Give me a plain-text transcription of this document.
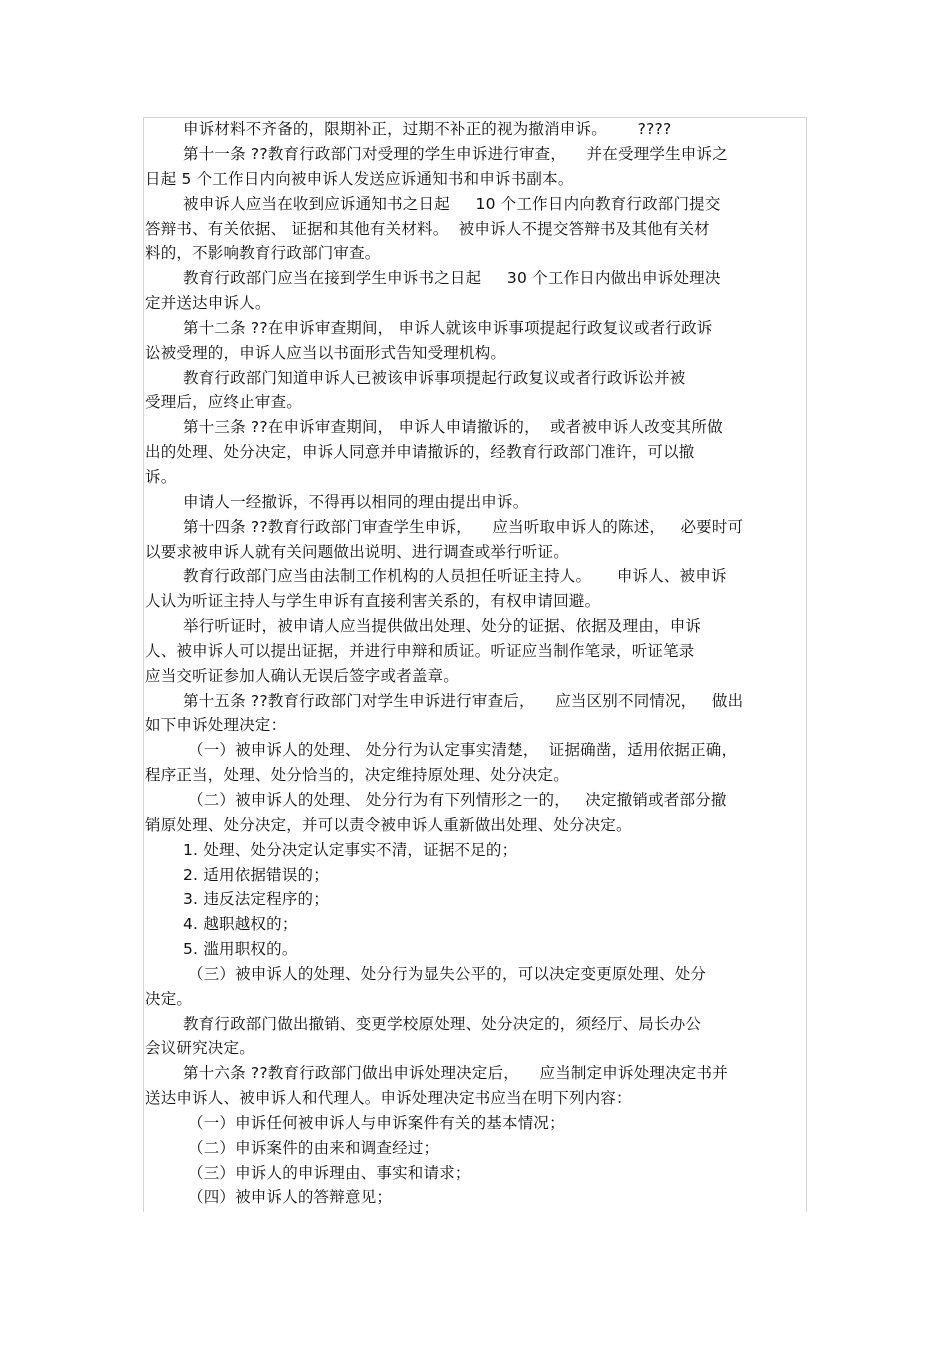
申诉材料不齐备的，限期补正，过期不补正的视为撤消申诉。      ????
第十一条 ??教育行政部门对受理的学生申诉进行审查，    并在受理学生申诉之
日起 5 个工作日内向被申诉人发送应诉通知书和申诉书副本。
被申诉人应当在收到应诉通知书之日起     10 个工作日内向教育行政部门提交
答辩书、有关依据、 证据和其他有关材料。  被申诉人不提交答辩书及其他有关材
料的，不影响教育行政部门审查。
教育行政部门应当在接到学生申诉书之日起     30 个工作日内做出申诉处理决
定并送达申诉人。
第十二条 ??在申诉审查期间， 申诉人就该申诉事项提起行政复议或者行政诉
讼被受理的，申诉人应当以书面形式告知受理机构。
教育行政部门知道申诉人已被该申诉事项提起行政复议或者行政诉讼并被
受理后，应终止审查。
第十三条 ??在申诉审查期间， 申诉人申请撤诉的，  或者被申诉人改变其所做
出的处理、处分决定，申诉人同意并申请撤诉的，经教育行政部门准许，可以撤
诉。
申请人一经撤诉，不得再以相同的理由提出申诉。
第十四条 ??教育行政部门审查学生申诉，    应当听取申诉人的陈述，   必要时可
以要求被申诉人就有关问题做出说明、进行调查或举行听证。
教育行政部门应当由法制工作机构的人员担任听证主持人。     申诉人、被申诉
人认为听证主持人与学生申诉有直接利害关系的，有权申请回避。
举行听证时，被申请人应当提供做出处理、处分的证据、依据及理由，申诉
人、被申诉人可以提出证据，并进行申辩和质证。听证应当制作笔录，听证笔录
应当交听证参加人确认无误后签字或者盖章。
第十五条 ??教育行政部门对学生申诉进行审查后，    应当区别不同情况，   做出
如下申诉处理决定：
（一）被申诉人的处理、 处分行为认定事实清楚，  证据确凿，适用依据正确，
程序正当，处理、处分恰当的，决定维持原处理、处分决定。
（二）被申诉人的处理、 处分行为有下列情形之一的，   决定撤销或者部分撤
销原处理、处分决定，并可以责令被申诉人重新做出处理、处分决定。
1. 处理、处分决定认定事实不清，证据不足的；
2. 适用依据错误的；
3. 违反法定程序的；
4. 越职越权的；
5. 滥用职权的。
（三）被申诉人的处理、处分行为显失公平的，可以决定变更原处理、处分
决定。
教育行政部门做出撤销、变更学校原处理、处分决定的，须经厅、局长办公
会议研究决定。
第十六条 ??教育行政部门做出申诉处理决定后，    应当制定申诉处理决定书并
送达申诉人、被申诉人和代理人。申诉处理决定书应当在明下列内容：
（一）申诉任何被申诉人与申诉案件有关的基本情况；
（二）申诉案件的由来和调查经过；
（三）申诉人的申诉理由、事实和请求；
（四）被申诉人的答辩意见；
